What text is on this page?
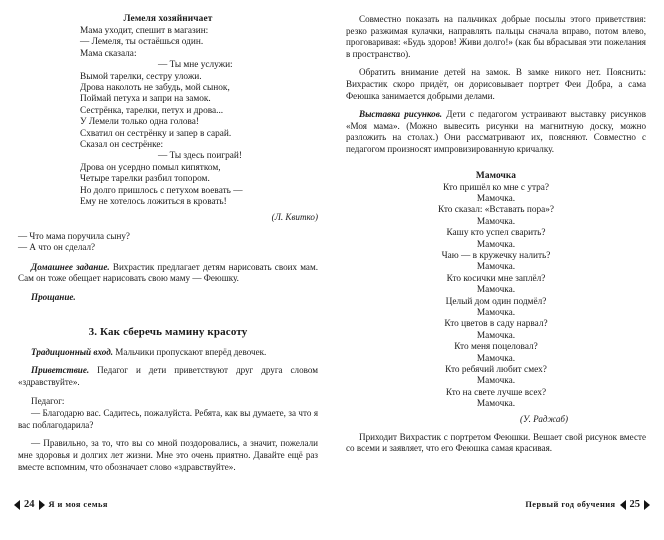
Лемеля хозяйничает
Мама уходит, спешит в магазин:
— Лемеля, ты остаёшься один.
Мама сказала:
— Ты мне услужи:
Вымой тарелки, сестру уложи.
Дрова наколоть не забудь, мой сынок,
Поймай петуха и запри на замок.
Сестрёнка, тарелки, петух и дрова...
У Лемели только одна голова!
Схватил он сестрёнку и запер в сарай.
Сказал он сестрёнке:
— Ты здесь поиграй!
Дрова он усердно помыл кипятком,
Четыре тарелки разбил топором.
Но долго пришлось с петухом воевать —
Ему не хотелось ложиться в кровать!
(Л. Квитко)
— Что мама поручила сыну?
— А что он сделал?

Домашнее задание. Вихрастик предлагает детям нарисовать своих мам. Сам он тоже обещает нарисовать свою маму — Феюшку.

Прощание.
3. Как сберечь мамину красоту

Традиционный вход. Мальчики пропускают вперёд девочек.

Приветствие. Педагог и дети приветствуют друг друга словом «здравствуйте».

Педагог:

— Благодарю вас. Садитесь, пожалуйста. Ребята, как вы думаете, за что я вас поблагодарила?

— Правильно, за то, что вы со мной поздоровались, а значит, пожелали мне здоровья и долгих лет жизни. Мне это очень приятно. Давайте ещё раз вместе вспомним, что обозначает слово «здравствуйте».

Совместно показать на пальчиках добрые посылы этого приветствия: резко разжимая кулачки, направлять пальцы сначала вправо, потом влево, проговаривая: «Будь здоров! Живи долго!» (как бы вбрасывая эти пожелания в пространство).

Обратить внимание детей на замок. В замке никого нет. Пояснить: Вихрастик скоро придёт, он дорисовывает портрет Феи Добра, а сама Феюшка занимается добрыми делами.

Выставка рисунков. Дети с педагогом устраивают выставку рисунков «Моя мама». (Можно вывесить рисунки на магнитную доску, можно разложить на столах.) Они рассматривают их, поясняют. Совместно с педагогом произносят импровизированную кричалку.

Мамочка
Кто пришёл ко мне с утра?
Мамочка.
Кто сказал: «Вставать пора»?
Мамочка.
Кашу кто успел сварить?
Мамочка.
Чаю — в кружечку налить?
Мамочка.
Кто косички мне заплёл?
Мамочка.
Целый дом один подмёл?
Мамочка.
Кто цветов в саду нарвал?
Мамочка.
Кто меня поцеловал?
Мамочка.
Кто ребячий любит смех?
Мамочка.
Кто на свете лучше всех?
Мамочка.
(У. Раджаб)

Приходит Вихрастик с портретом Феюшки. Вешает свой рисунок вместе со всеми и заявляет, что его Феюшка самая красивая.

24	Я и моя семья	Первый год обучения	25
